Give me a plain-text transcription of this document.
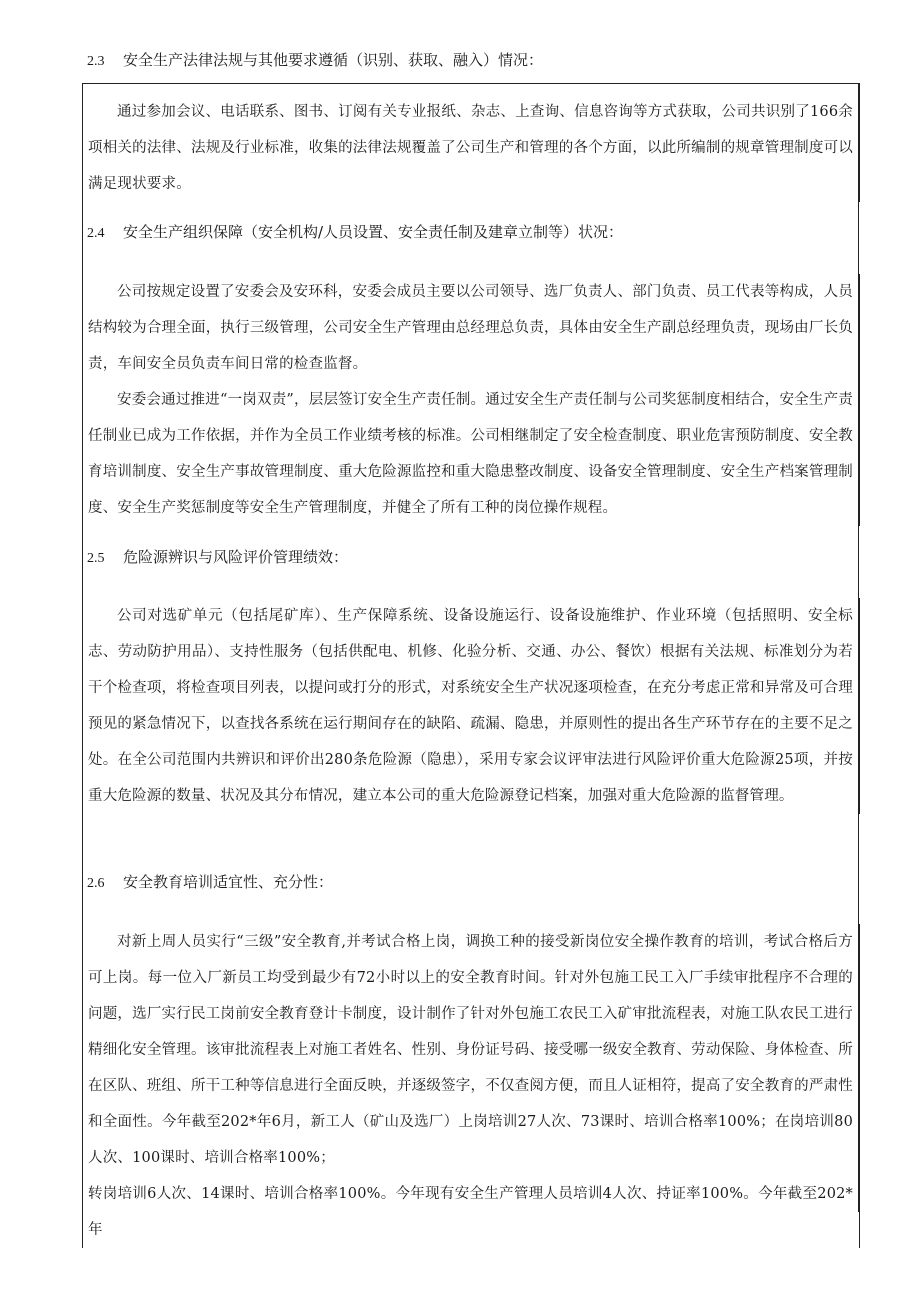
2.3 安全生产法律法规与其他要求遵循（识别、获取、融入）情况：

通过参加会议、电话联系、图书、订阅有关专业报纸、杂志、上查询、信息咨询等方式获取，公司共识别了166余项相关的法律、法规及行业标准，收集的法律法规覆盖了公司生产和管理的各个方面，以此所编制的规章管理制度可以满足现状要求。

2.4 安全生产组织保障（安全机构/人员设置、安全责任制及建章立制等）状况：

公司按规定设置了安委会及安环科，安委会成员主要以公司领导、选厂负责人、部门负责、员工代表等构成，人员结构较为合理全面，执行三级管理，公司安全生产管理由总经理总负责，具体由安全生产副总经理负责，现场由厂长负责，车间安全员负责车间日常的检查监督。

安委会通过推进“一岗双责”，层层签订安全生产责任制。通过安全生产责任制与公司奖惩制度相结合，安全生产责任制业已成为工作依据，并作为全员工作业绩考核的标准。公司相继制定了安全检查制度、职业危害预防制度、安全教育培训制度、安全生产事故管理制度、重大危险源监控和重大隐患整改制度、设备安全管理制度、安全生产档案管理制度、安全生产奖惩制度等安全生产管理制度，并健全了所有工种的岗位操作规程。

2.5 危险源辨识与风险评价管理绩效：

公司对选矿单元（包括尾矿库）、生产保障系统、设备设施运行、设备设施维护、作业环境（包括照明、安全标志、劳动防护用品）、支持性服务（包括供配电、机修、化验分析、交通、办公、餐饮）根据有关法规、标准划分为若干个检查项，将检查项目列表，以提问或打分的形式，对系统安全生产状况逐项检查，在充分考虑正常和异常及可合理预见的紧急情况下，以查找各系统在运行期间存在的缺陷、疏漏、隐患，并原则性的提出各生产环节存在的主要不足之处。在全公司范围内共辨识和评价出280条危险源（隐患），采用专家会议评审法进行风险评价重大危险源25项，并按重大危险源的数量、状况及其分布情况，建立本公司的重大危险源登记档案，加强对重大危险源的监督管理。

2.6 安全教育培训适宜性、充分性：

对新上周人员实行“三级”安全教育,并考试合格上岗，调换工种的接受新岗位安全操作教育的培训，考试合格后方可上岗。每一位入厂新员工均受到最少有72小时以上的安全教育时间。针对外包施工民工入厂手续审批程序不合理的问题，选厂实行民工岗前安全教育登计卡制度，设计制作了针对外包施工农民工入矿审批流程表，对施工队农民工进行精细化安全管理。该审批流程表上对施工者姓名、性别、身份证号码、接受哪一级安全教育、劳动保险、身体检查、所在区队、班组、所干工种等信息进行全面反映，并逐级签字，不仅查阅方便，而且人证相符，提高了安全教育的严肃性和全面性。今年截至202*年6月，新工人（矿山及选厂）上岗培训27人次、73课时、培训合格率100%；在岗培训80人次、100课时、培训合格率100%；

转岗培训6人次、14课时、培训合格率100%。今年现有安全生产管理人员培训4人次、持证率100%。今年截至202*年
